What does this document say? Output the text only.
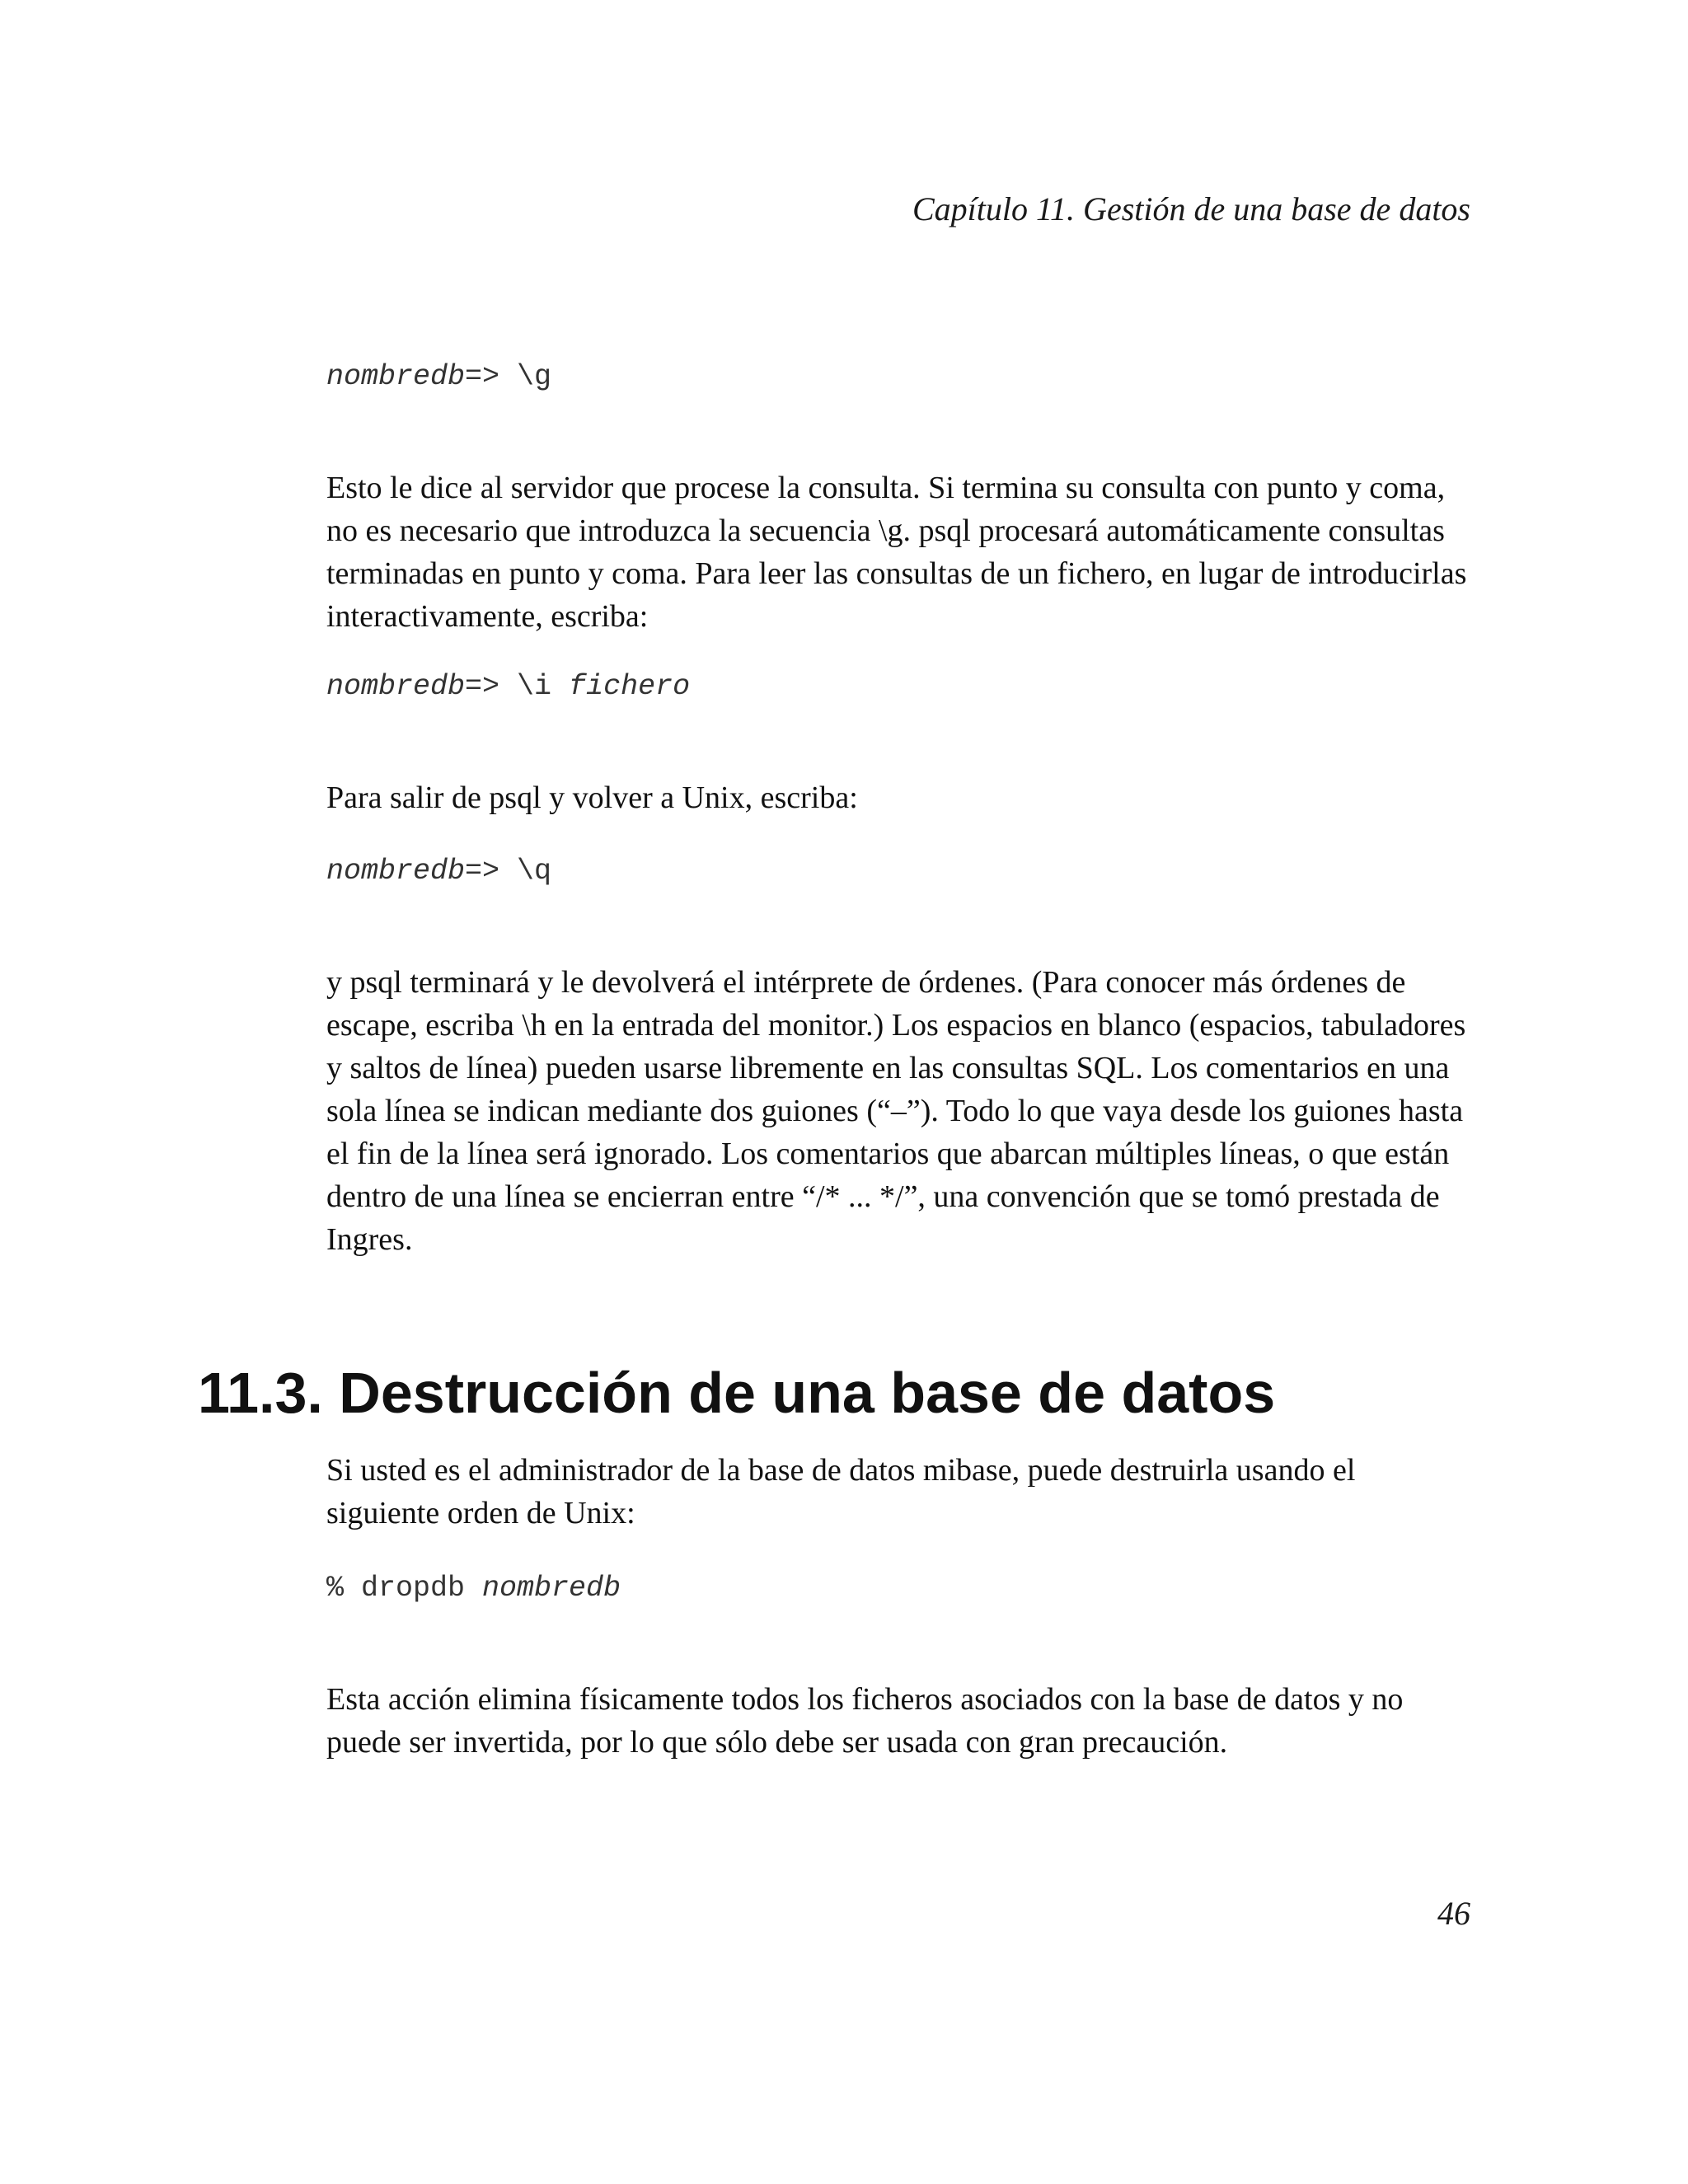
Capítulo 11. Gestión de una base de datos

nombredb=> \g

Esto le dice al servidor que procese la consulta. Si termina su consulta con punto y coma, no es necesario que introduzca la secuencia \g. psql procesará automáticamente consultas terminadas en punto y coma. Para leer las consultas de un fichero, en lugar de introducirlas interactivamente, escriba:

nombredb=> \i fichero

Para salir de psql y volver a Unix, escriba:

nombredb=> \q

y psql terminará y le devolverá el intérprete de órdenes. (Para conocer más órdenes de escape, escriba \h en la entrada del monitor.) Los espacios en blanco (espacios, tabuladores y saltos de línea) pueden usarse libremente en las consultas SQL. Los comentarios en una sola línea se indican mediante dos guiones (“–”). Todo lo que vaya desde los guiones hasta el fin de la línea será ignorado. Los comentarios que abarcan múltiples líneas, o que están dentro de una línea se encierran entre “/* ... */”, una convención que se tomó prestada de Ingres.

11.3. Destrucción de una base de datos

Si usted es el administrador de la base de datos mibase, puede destruirla usando el siguiente orden de Unix:

% dropdb nombredb

Esta acción elimina físicamente todos los ficheros asociados con la base de datos y no puede ser invertida, por lo que sólo debe ser usada con gran precaución.

46
